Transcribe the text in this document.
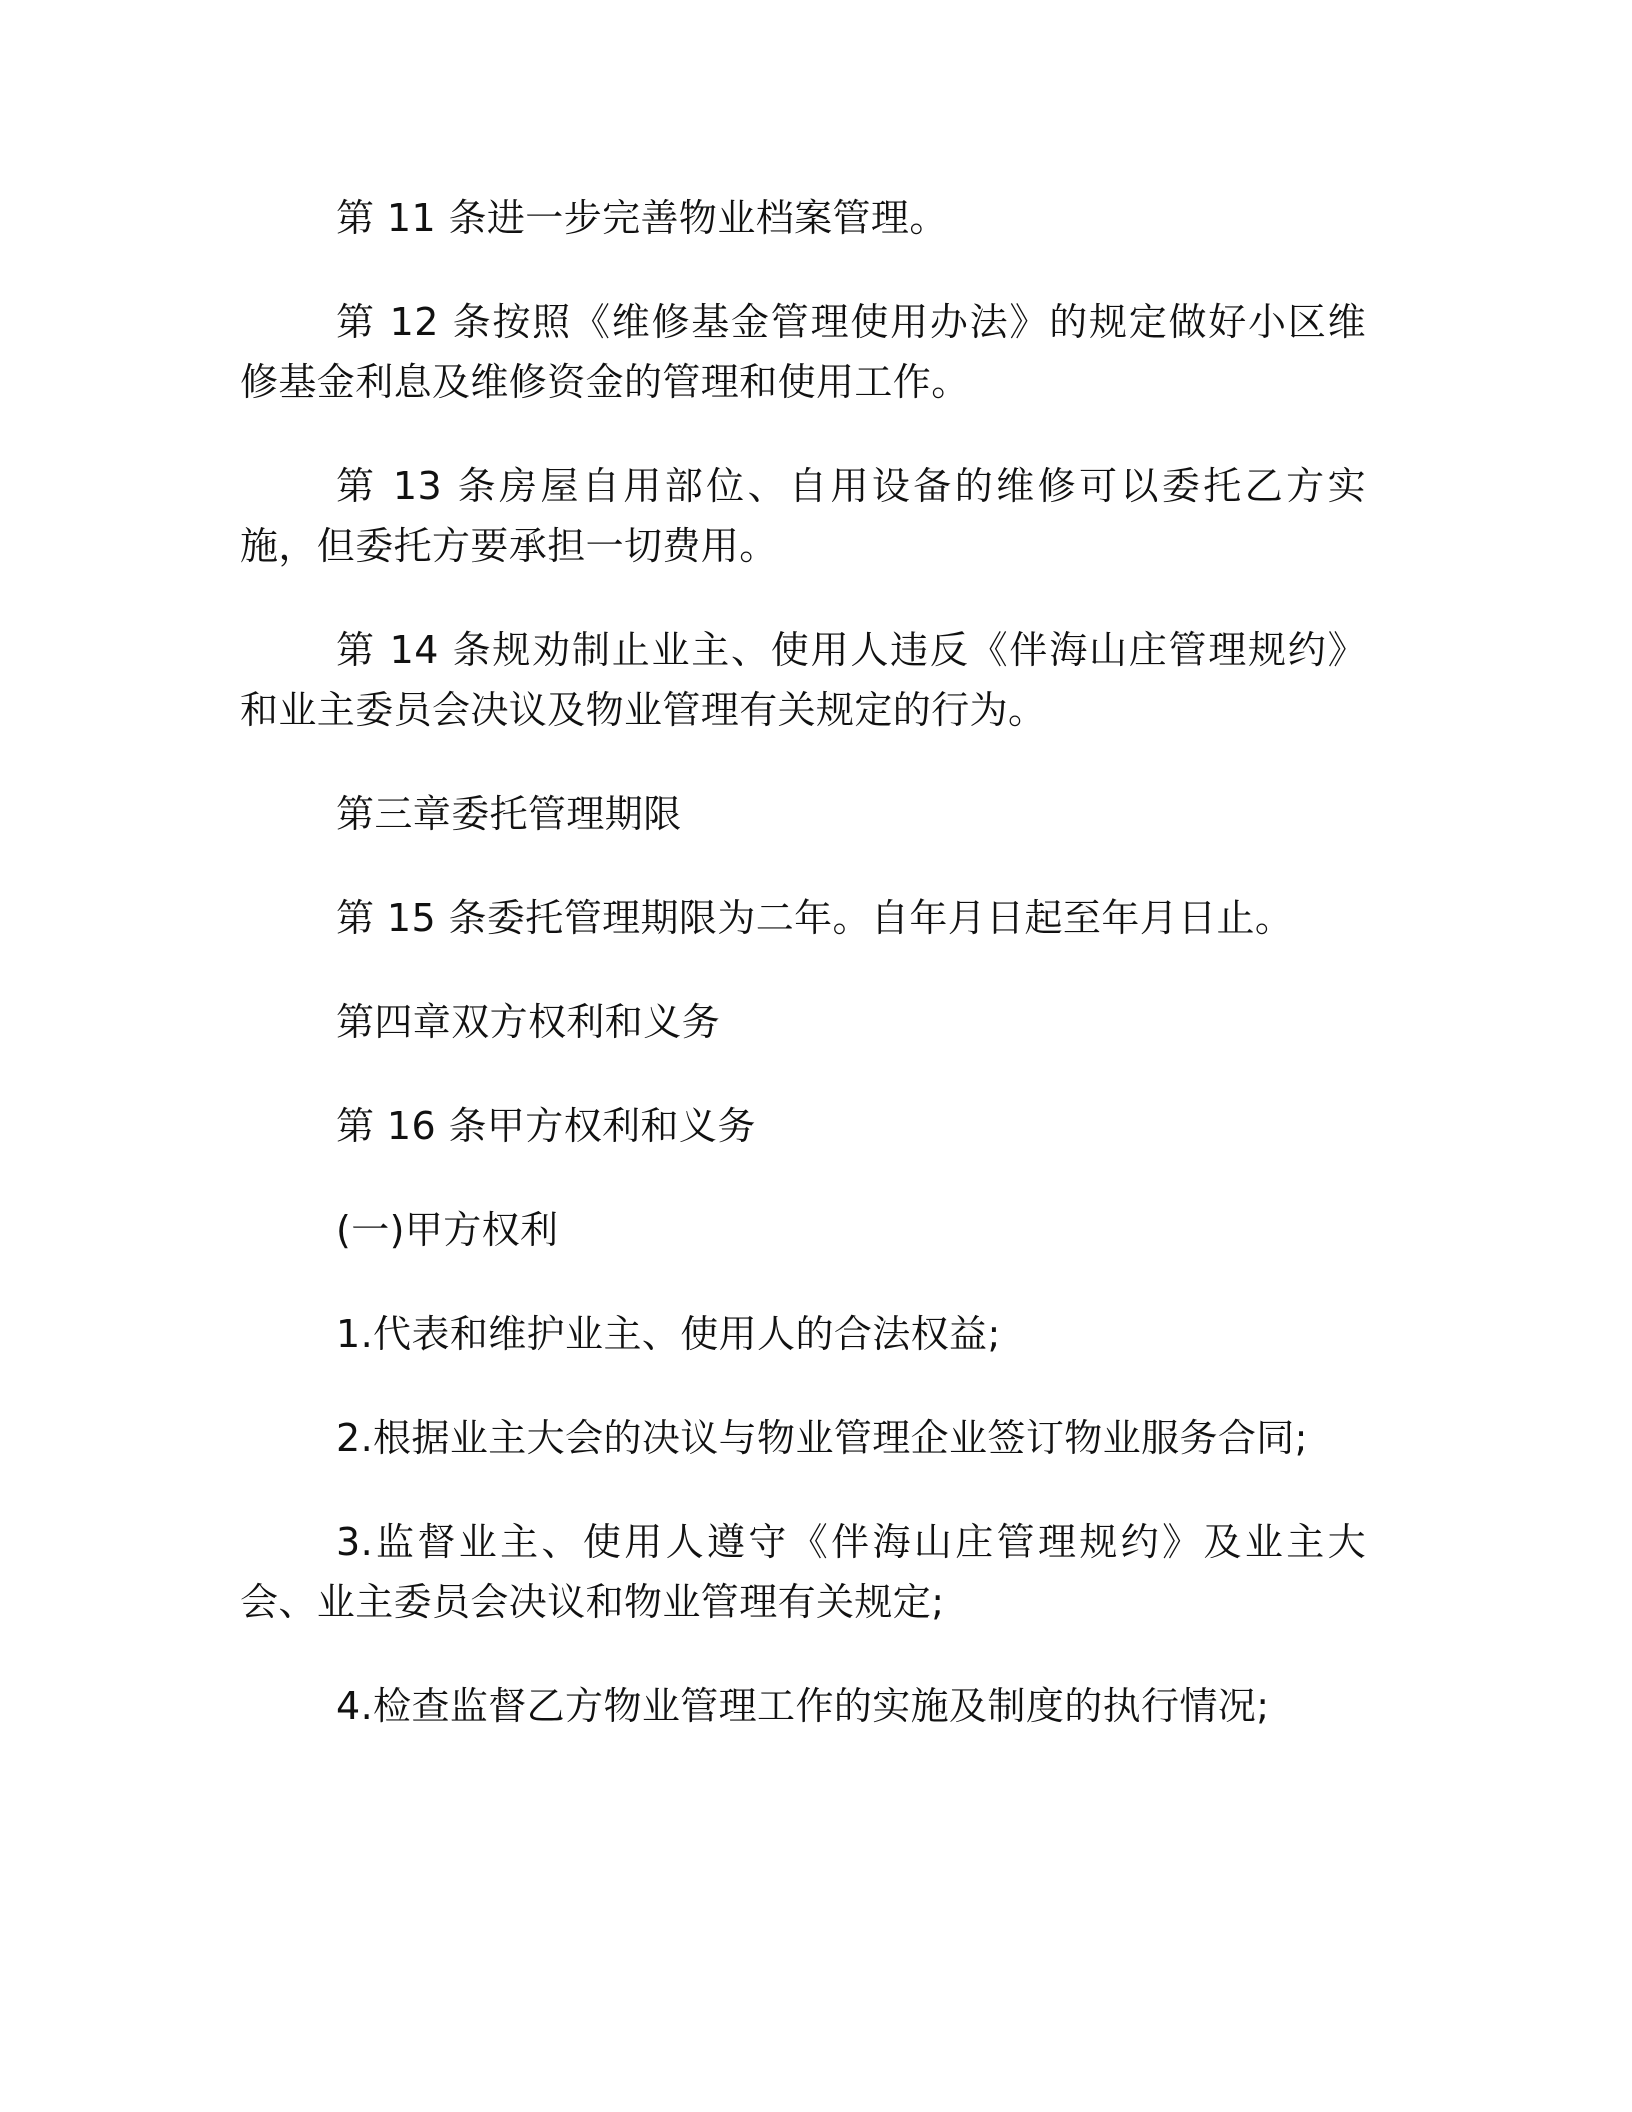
第 11 条进一步完善物业档案管理。

第 12 条按照《维修基金管理使用办法》的规定做好小区维修基金利息及维修资金的管理和使用工作。

第 13 条房屋自用部位、自用设备的维修可以委托乙方实施，但委托方要承担一切费用。

第 14 条规劝制止业主、使用人违反《伴海山庄管理规约》和业主委员会决议及物业管理有关规定的行为。

第三章委托管理期限

第 15 条委托管理期限为二年。自年月日起至年月日止。

第四章双方权利和义务

第 16 条甲方权利和义务

(一)甲方权利

1.代表和维护业主、使用人的合法权益;

2.根据业主大会的决议与物业管理企业签订物业服务合同;

3.监督业主、使用人遵守《伴海山庄管理规约》及业主大会、业主委员会决议和物业管理有关规定;

4.检查监督乙方物业管理工作的实施及制度的执行情况;
